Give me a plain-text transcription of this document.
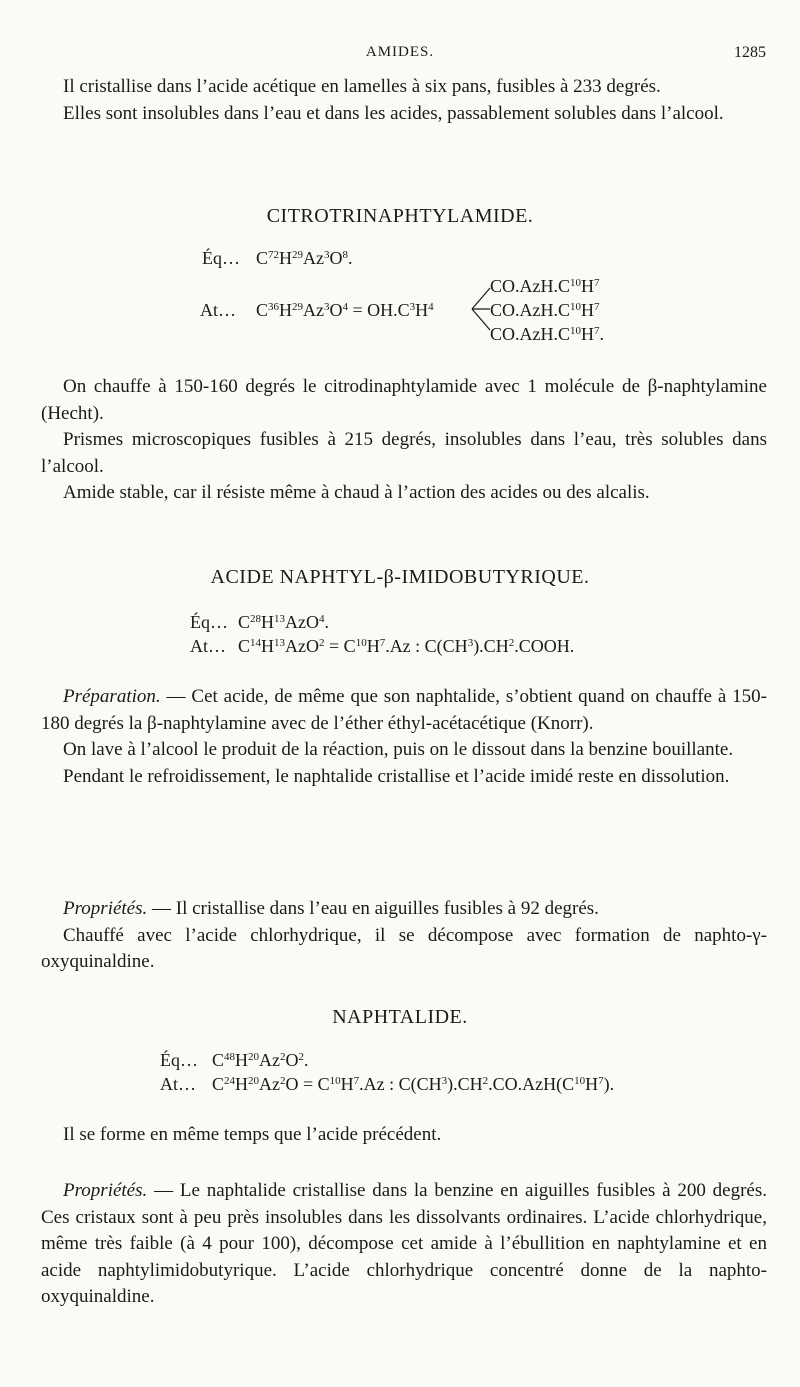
AMIDES.	1285

Il cristallise dans l’acide acétique en lamelles à six pans, fusibles à 233 degrés.

Elles sont insolubles dans l’eau et dans les acides, passablement solubles dans l’alcool.

CITROTRINAPHTYLAMIDE.
Éq… $C^{72}H^{29}Az^3O^8$.
At… $C^{36}H^{29}Az^3O^4 = OH.C^3H^4$
$CO.AzH.C^{10}H^7$
$CO.AzH.C^{10}H^7$
$CO.AzH.C^{10}H^7$.

On chauffe à 150-160 degrés le citrodinaphtylamide avec 1 molécule de β-naphtylamine (Hecht).

Prismes microscopiques fusibles à 215 degrés, insolubles dans l’eau, très solubles dans l’alcool.

Amide stable, car il résiste même à chaud à l’action des acides ou des alcalis.

ACIDE NAPHTYL-β-IMIDOBUTYRIQUE.
Éq… $C^{28}H^{13}AzO^4$.
At… $C^{14}H^{13}AzO^2 = C^{10}H^7.Az$ : $C(CH^3).CH^2.COOH$.

Préparation. — Cet acide, de même que son naphtalide, s’obtient quand on chauffe à 150-180 degrés la β-naphtylamine avec de l’éther éthyl-acétacétique (Knorr).

On lave à l’alcool le produit de la réaction, puis on le dissout dans la benzine bouillante.

Pendant le refroidissement, le naphtalide cristallise et l’acide imidé reste en dissolution.

Propriétés. — Il cristallise dans l’eau en aiguilles fusibles à 92 degrés.

Chauffé avec l’acide chlorhydrique, il se décompose avec formation de naphto-γ-oxyquinaldine.

NAPHTALIDE.
Éq… $C^{48}H^{20}Az^2O^2$.
At… $C^{24}H^{20}Az^2O = C^{10}H^7.Az$ : $C(CH^3).CH^2.CO.AzH(C^{10}H^7)$.

Il se forme en même temps que l’acide précédent.

Propriétés. — Le naphtalide cristallise dans la benzine en aiguilles fusibles à 200 degrés. Ces cristaux sont à peu près insolubles dans les dissolvants ordinaires. L’acide chlorhydrique, même très faible (à 4 pour 100), décompose cet amide à l’ébullition en naphtylamine et en acide naphtylimidobutyrique. L’acide chlorhydrique concentré donne de la naphto-oxyquinaldine.
